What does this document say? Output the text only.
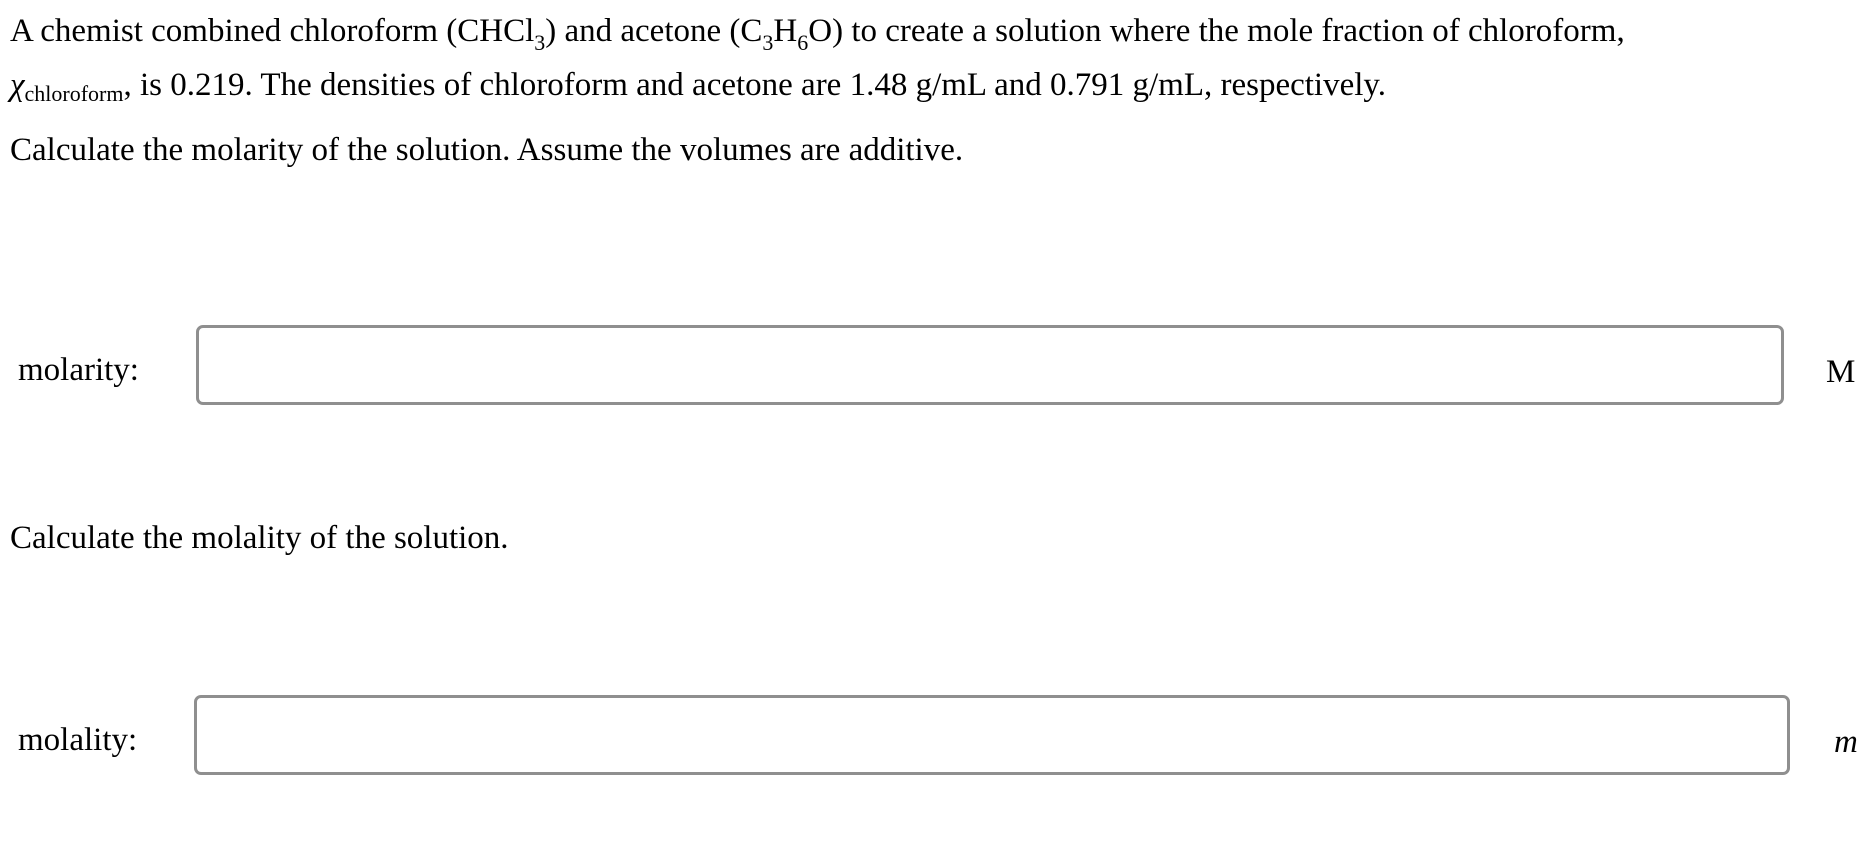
A chemist combined chloroform (CHCl$_3$) and acetone $(C_3H_6O)$ to create a solution where the mole fraction of chloroform,

χchloroform, is 0.219. The densities of chloroform and acetone are 1.48 g/mL and 0.791 g/mL, respectively.

Calculate the molarity of the solution. Assume the volumes are additive.
molarity:	M
Calculate the molality of the solution.
molality:	m
